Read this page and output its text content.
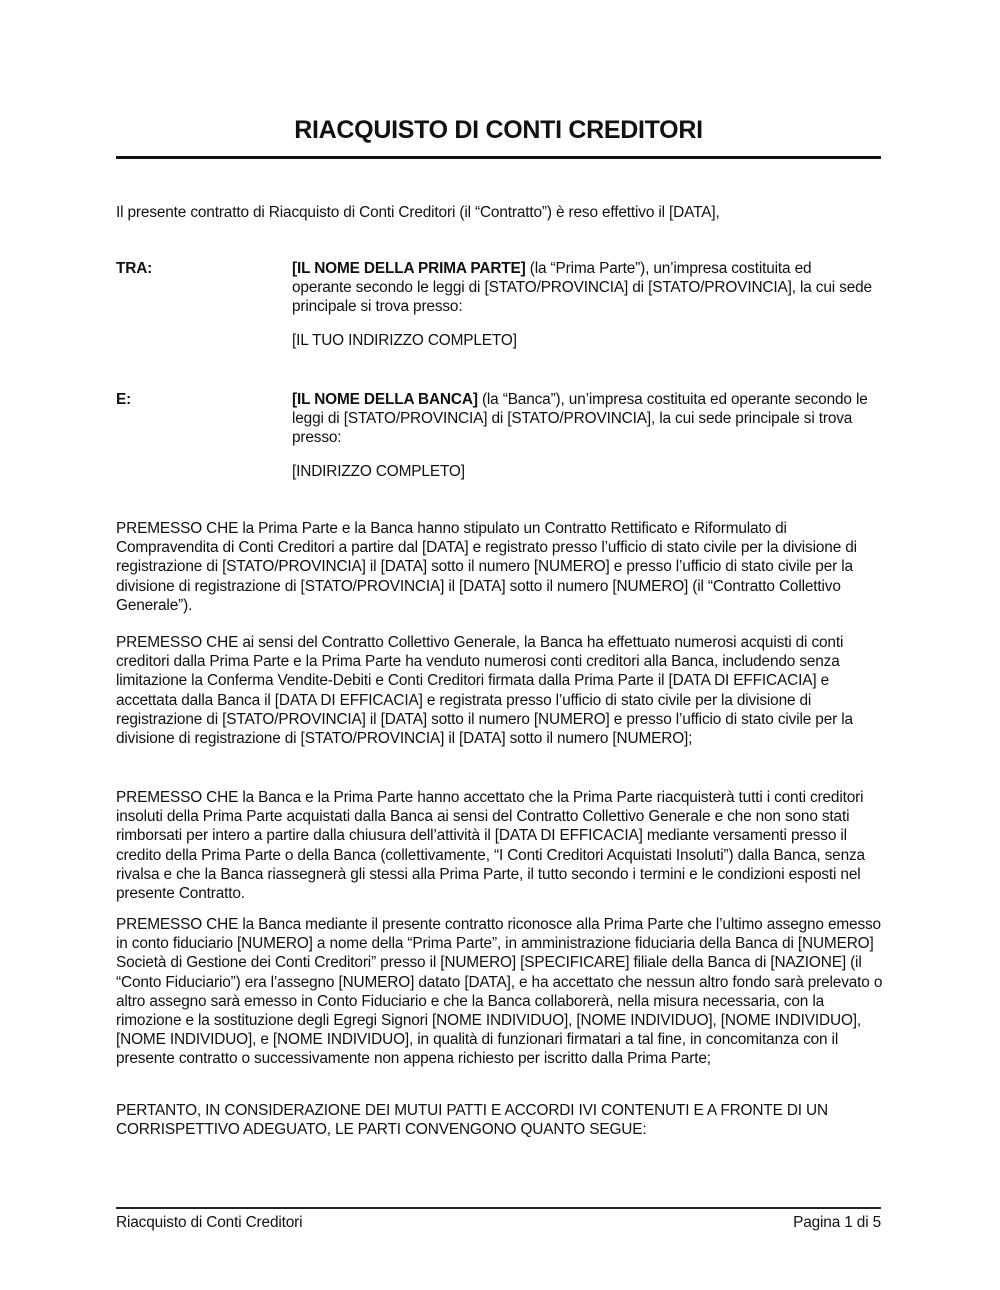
RIACQUISTO DI CONTI CREDITORI

Il presente contratto di Riacquisto di Conti Creditori (il “Contratto”) è reso effettivo il [DATA],

TRA:	[IL NOME DELLA PRIMA PARTE] (la “Prima Parte”), un’impresa costituita ed operante secondo le leggi di [STATO/PROVINCIA] di [STATO/PROVINCIA], la cui sede principale si trova presso:

[IL TUO INDIRIZZO COMPLETO]

E:	[IL NOME DELLA BANCA] (la “Banca”), un’impresa costituita ed operante secondo le leggi di [STATO/PROVINCIA] di [STATO/PROVINCIA], la cui sede principale si trova presso:

[INDIRIZZO COMPLETO]

PREMESSO CHE la Prima Parte e la Banca hanno stipulato un Contratto Rettificato e Riformulato di Compravendita di Conti Creditori a partire dal [DATA] e registrato presso l’ufficio di stato civile per la divisione di registrazione di [STATO/PROVINCIA] il [DATA] sotto il numero [NUMERO] e presso l’ufficio di stato civile per la divisione di registrazione di [STATO/PROVINCIA] il [DATA] sotto il numero [NUMERO] (il “Contratto Collettivo Generale”).

PREMESSO CHE ai sensi del Contratto Collettivo Generale, la Banca ha effettuato numerosi acquisti di conti creditori dalla Prima Parte e la Prima Parte ha venduto numerosi conti creditori alla Banca, includendo senza limitazione la Conferma Vendite-Debiti e Conti Creditori firmata dalla Prima Parte il [DATA DI EFFICACIA] e accettata dalla Banca il [DATA DI EFFICACIA] e registrata presso l’ufficio di stato civile per la divisione di registrazione di [STATO/PROVINCIA] il [DATA] sotto il numero [NUMERO] e presso l’ufficio di stato civile per la divisione di registrazione di [STATO/PROVINCIA] il [DATA] sotto il numero [NUMERO];

PREMESSO CHE la Banca e la Prima Parte hanno accettato che la Prima Parte riacquisterà tutti i conti creditori insoluti della Prima Parte acquistati dalla Banca ai sensi del Contratto Collettivo Generale e che non sono stati rimborsati per intero a partire dalla chiusura dell’attività il [DATA DI EFFICACIA] mediante versamenti presso il credito della Prima Parte o della Banca (collettivamente, “I Conti Creditori Acquistati Insoluti”) dalla Banca, senza rivalsa e che la Banca riassegnerà gli stessi alla Prima Parte, il tutto secondo i termini e le condizioni esposti nel presente Contratto.

PREMESSO CHE la Banca mediante il presente contratto riconosce alla Prima Parte che l’ultimo assegno emesso in conto fiduciario [NUMERO] a nome della “Prima Parte”, in amministrazione fiduciaria della Banca di [NUMERO] Società di Gestione dei Conti Creditori” presso il [NUMERO] [SPECIFICARE] filiale della Banca di [NAZIONE] (il “Conto Fiduciario”) era l’assegno [NUMERO] datato [DATA], e ha accettato che nessun altro fondo sarà prelevato o altro assegno sarà emesso in Conto Fiduciario e che la Banca collaborerà, nella misura necessaria, con la rimozione e la sostituzione degli Egregi Signori [NOME INDIVIDUO], [NOME INDIVIDUO], [NOME INDIVIDUO], [NOME INDIVIDUO], e [NOME INDIVIDUO], in qualità di funzionari firmatari a tal fine, in concomitanza con il presente contratto o successivamente non appena richiesto per iscritto dalla Prima Parte;

PERTANTO, IN CONSIDERAZIONE DEI MUTUI PATTI E ACCORDI IVI CONTENUTI E A FRONTE DI UN CORRISPETTIVO ADEGUATO, LE PARTI CONVENGONO QUANTO SEGUE:

Riacquisto di Conti Creditori	Pagina 1 di 5
